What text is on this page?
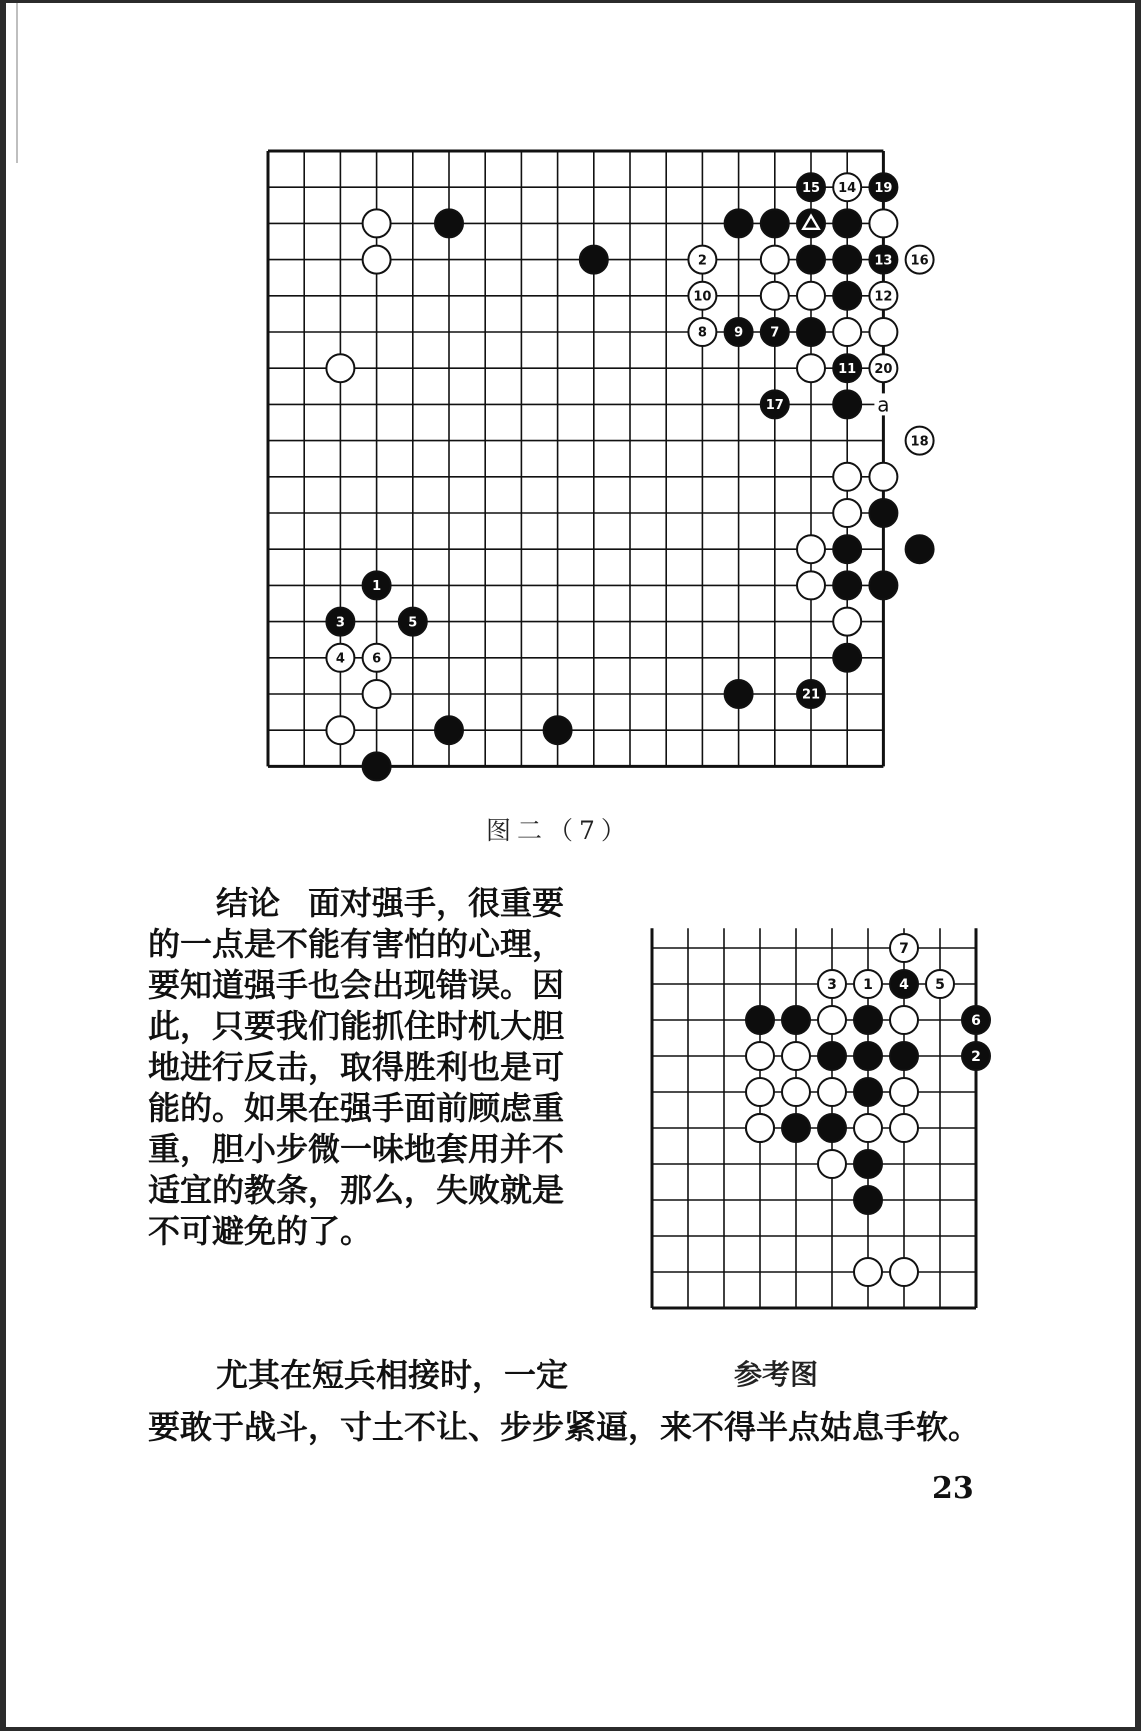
1
3	5
7
9
11
13
15
17
19
21
2
4 6
8
10	12
14
16
18
20
a
图二（7）
结论 面对强手，很重要
的一点是不能有害怕的心理，
要知道强手也会出现错误。因
此，只要我们能抓住时机大胆
地进行反击，取得胜利也是可
能的。如果在强手面前顾虑重
重，胆小步微一味地套用并不
适宜的教条，那么，失败就是
不可避免的了。
2
4
6
1
3	5
7
参考图
尤其在短兵相接时，一定
要敢于战斗，寸土不让、步步紧逼，来不得半点姑息手软。
23
